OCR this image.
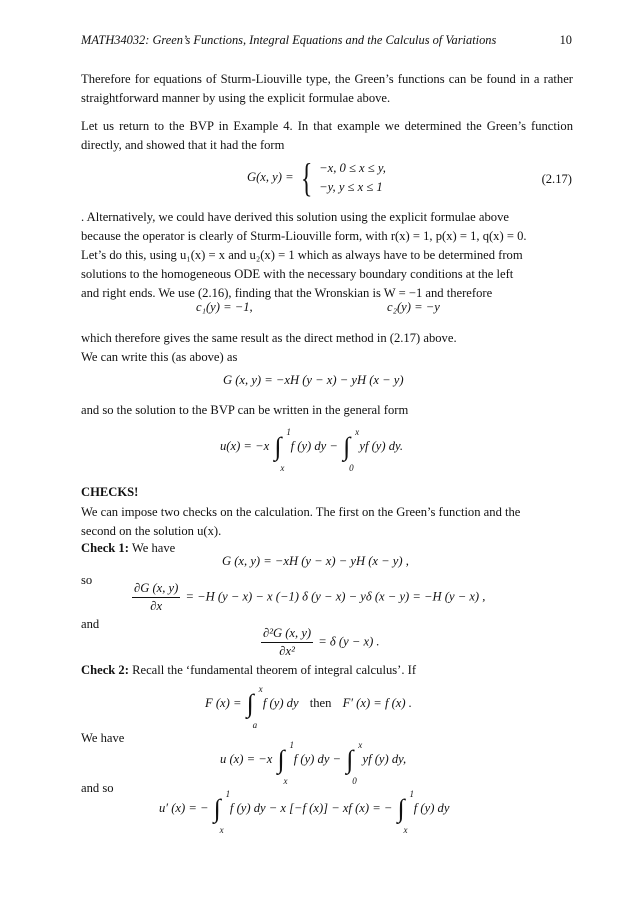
MATH34032: Green’s Functions, Integral Equations and the Calculus of Variations	10
Therefore for equations of Sturm-Liouville type, the Green’s functions can be found in a rather straightforward manner by using the explicit formulae above.
Let us return to the BVP in Example 4. In that example we determined the Green’s function directly, and showed that it had the form
G(x, y) = { −x, 0 ≤ x ≤ y,
−y, y ≤ x ≤ 1
(2.17)
. Alternatively, we could have derived this solution using the explicit formulae above
because the operator is clearly of Sturm-Liouville form, with r(x) = 1, p(x) = 1, q(x) = 0.
Let’s do this, using u₁(x) = x and u₂(x) = 1 which as always have to be determined from
solutions to the homogeneous ODE with the necessary boundary conditions at the left
and right ends. We use (2.16), finding that the Wronskian is W = −1 and therefore
c₁(y) = −1,	c₂(y) = −y
which therefore gives the same result as the direct method in (2.17) above.
We can write this (as above) as
G (x, y) = −xH (y − x) − yH (x − y)
and so the solution to the BVP can be written in the general form
u(x) = −x ∫ 1
x
f (y) dy − ∫ x
0
yf (y) dy.
CHECKS!
We can impose two checks on the calculation. The first on the Green’s function and the
second on the solution u(x).
Check 1: We have
G (x, y) = −xH (y − x) − yH (x − y) ,
so
$\frac{\partial G (x, y)}{\partial x} = -H$ (y − x) − x (−1) δ (y − x) − yδ (x − y) = −H (y − x) ,
and
$\frac{\text{∂²G (x, y)}}{\text{∂x²}} = \delta$ (y − x) .
Check 2: Recall the ‘fundamental theorem of integral calculus’. If
F (x) = ∫ x
a
f (y) dy then F′ (x) = f (x) .
We have
u (x) = −x ∫ 1
x
f (y) dy − ∫ x
0
yf (y) dy,
and so
u′ (x) = − ∫ 1
x
f (y) dy − x [−f (x)] − xf (x) = − ∫ 1
x
f (y) dy
